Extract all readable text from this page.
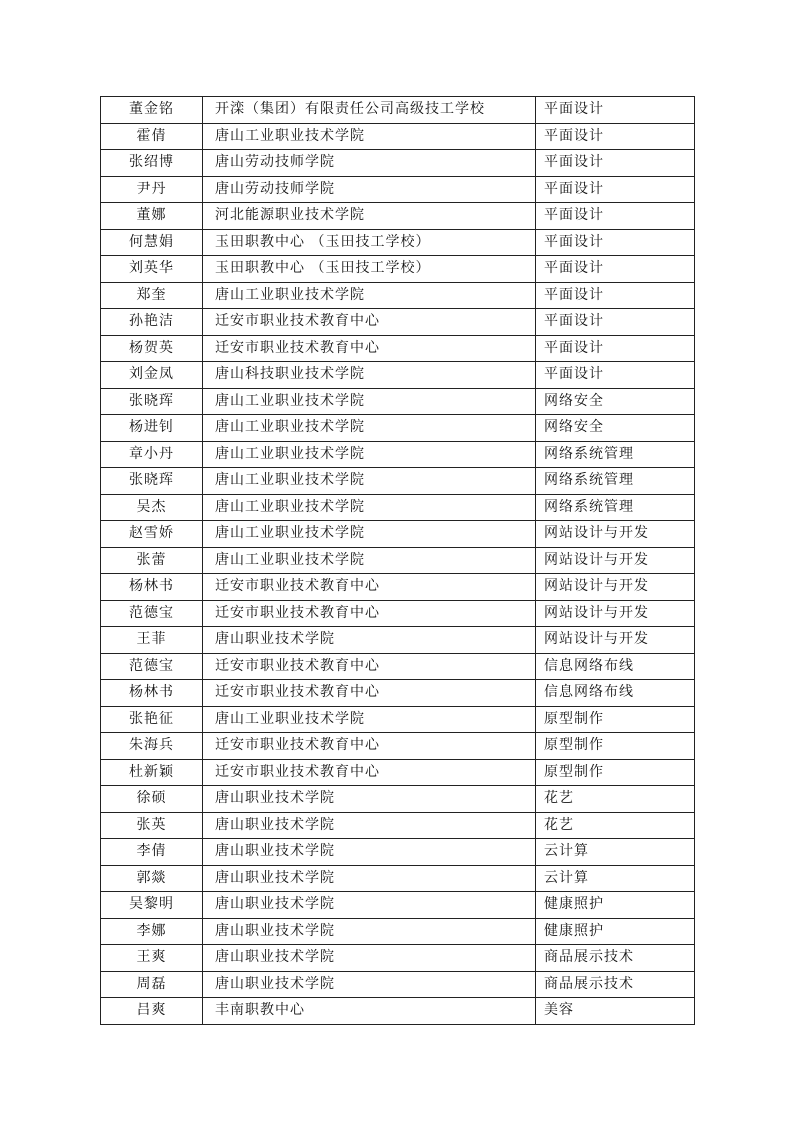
董金铭	开滦（集团）有限责任公司高级技工学校	平面设计
霍倩	唐山工业职业技术学院	平面设计
张绍博	唐山劳动技师学院	平面设计
尹丹	唐山劳动技师学院	平面设计
董娜	河北能源职业技术学院	平面设计
何慧娟	玉田职教中心 （玉田技工学校）	平面设计
刘英华	玉田职教中心 （玉田技工学校）	平面设计
郑奎	唐山工业职业技术学院	平面设计
孙艳洁	迁安市职业技术教育中心	平面设计
杨贺英	迁安市职业技术教育中心	平面设计
刘金凤	唐山科技职业技术学院	平面设计
张晓珲	唐山工业职业技术学院	网络安全
杨进钊	唐山工业职业技术学院	网络安全
章小丹	唐山工业职业技术学院	网络系统管理
张晓珲	唐山工业职业技术学院	网络系统管理
吴杰	唐山工业职业技术学院	网络系统管理
赵雪娇	唐山工业职业技术学院	网站设计与开发
张蕾	唐山工业职业技术学院	网站设计与开发
杨林书	迁安市职业技术教育中心	网站设计与开发
范德宝	迁安市职业技术教育中心	网站设计与开发
王菲	唐山职业技术学院	网站设计与开发
范德宝	迁安市职业技术教育中心	信息网络布线
杨林书	迁安市职业技术教育中心	信息网络布线
张艳征	唐山工业职业技术学院	原型制作
朱海兵	迁安市职业技术教育中心	原型制作
杜新颖	迁安市职业技术教育中心	原型制作
徐硕	唐山职业技术学院	花艺
张英	唐山职业技术学院	花艺
李倩	唐山职业技术学院	云计算
郭燚	唐山职业技术学院	云计算
吴黎明	唐山职业技术学院	健康照护
李娜	唐山职业技术学院	健康照护
王爽	唐山职业技术学院	商品展示技术
周磊	唐山职业技术学院	商品展示技术
吕爽	丰南职教中心	美容
